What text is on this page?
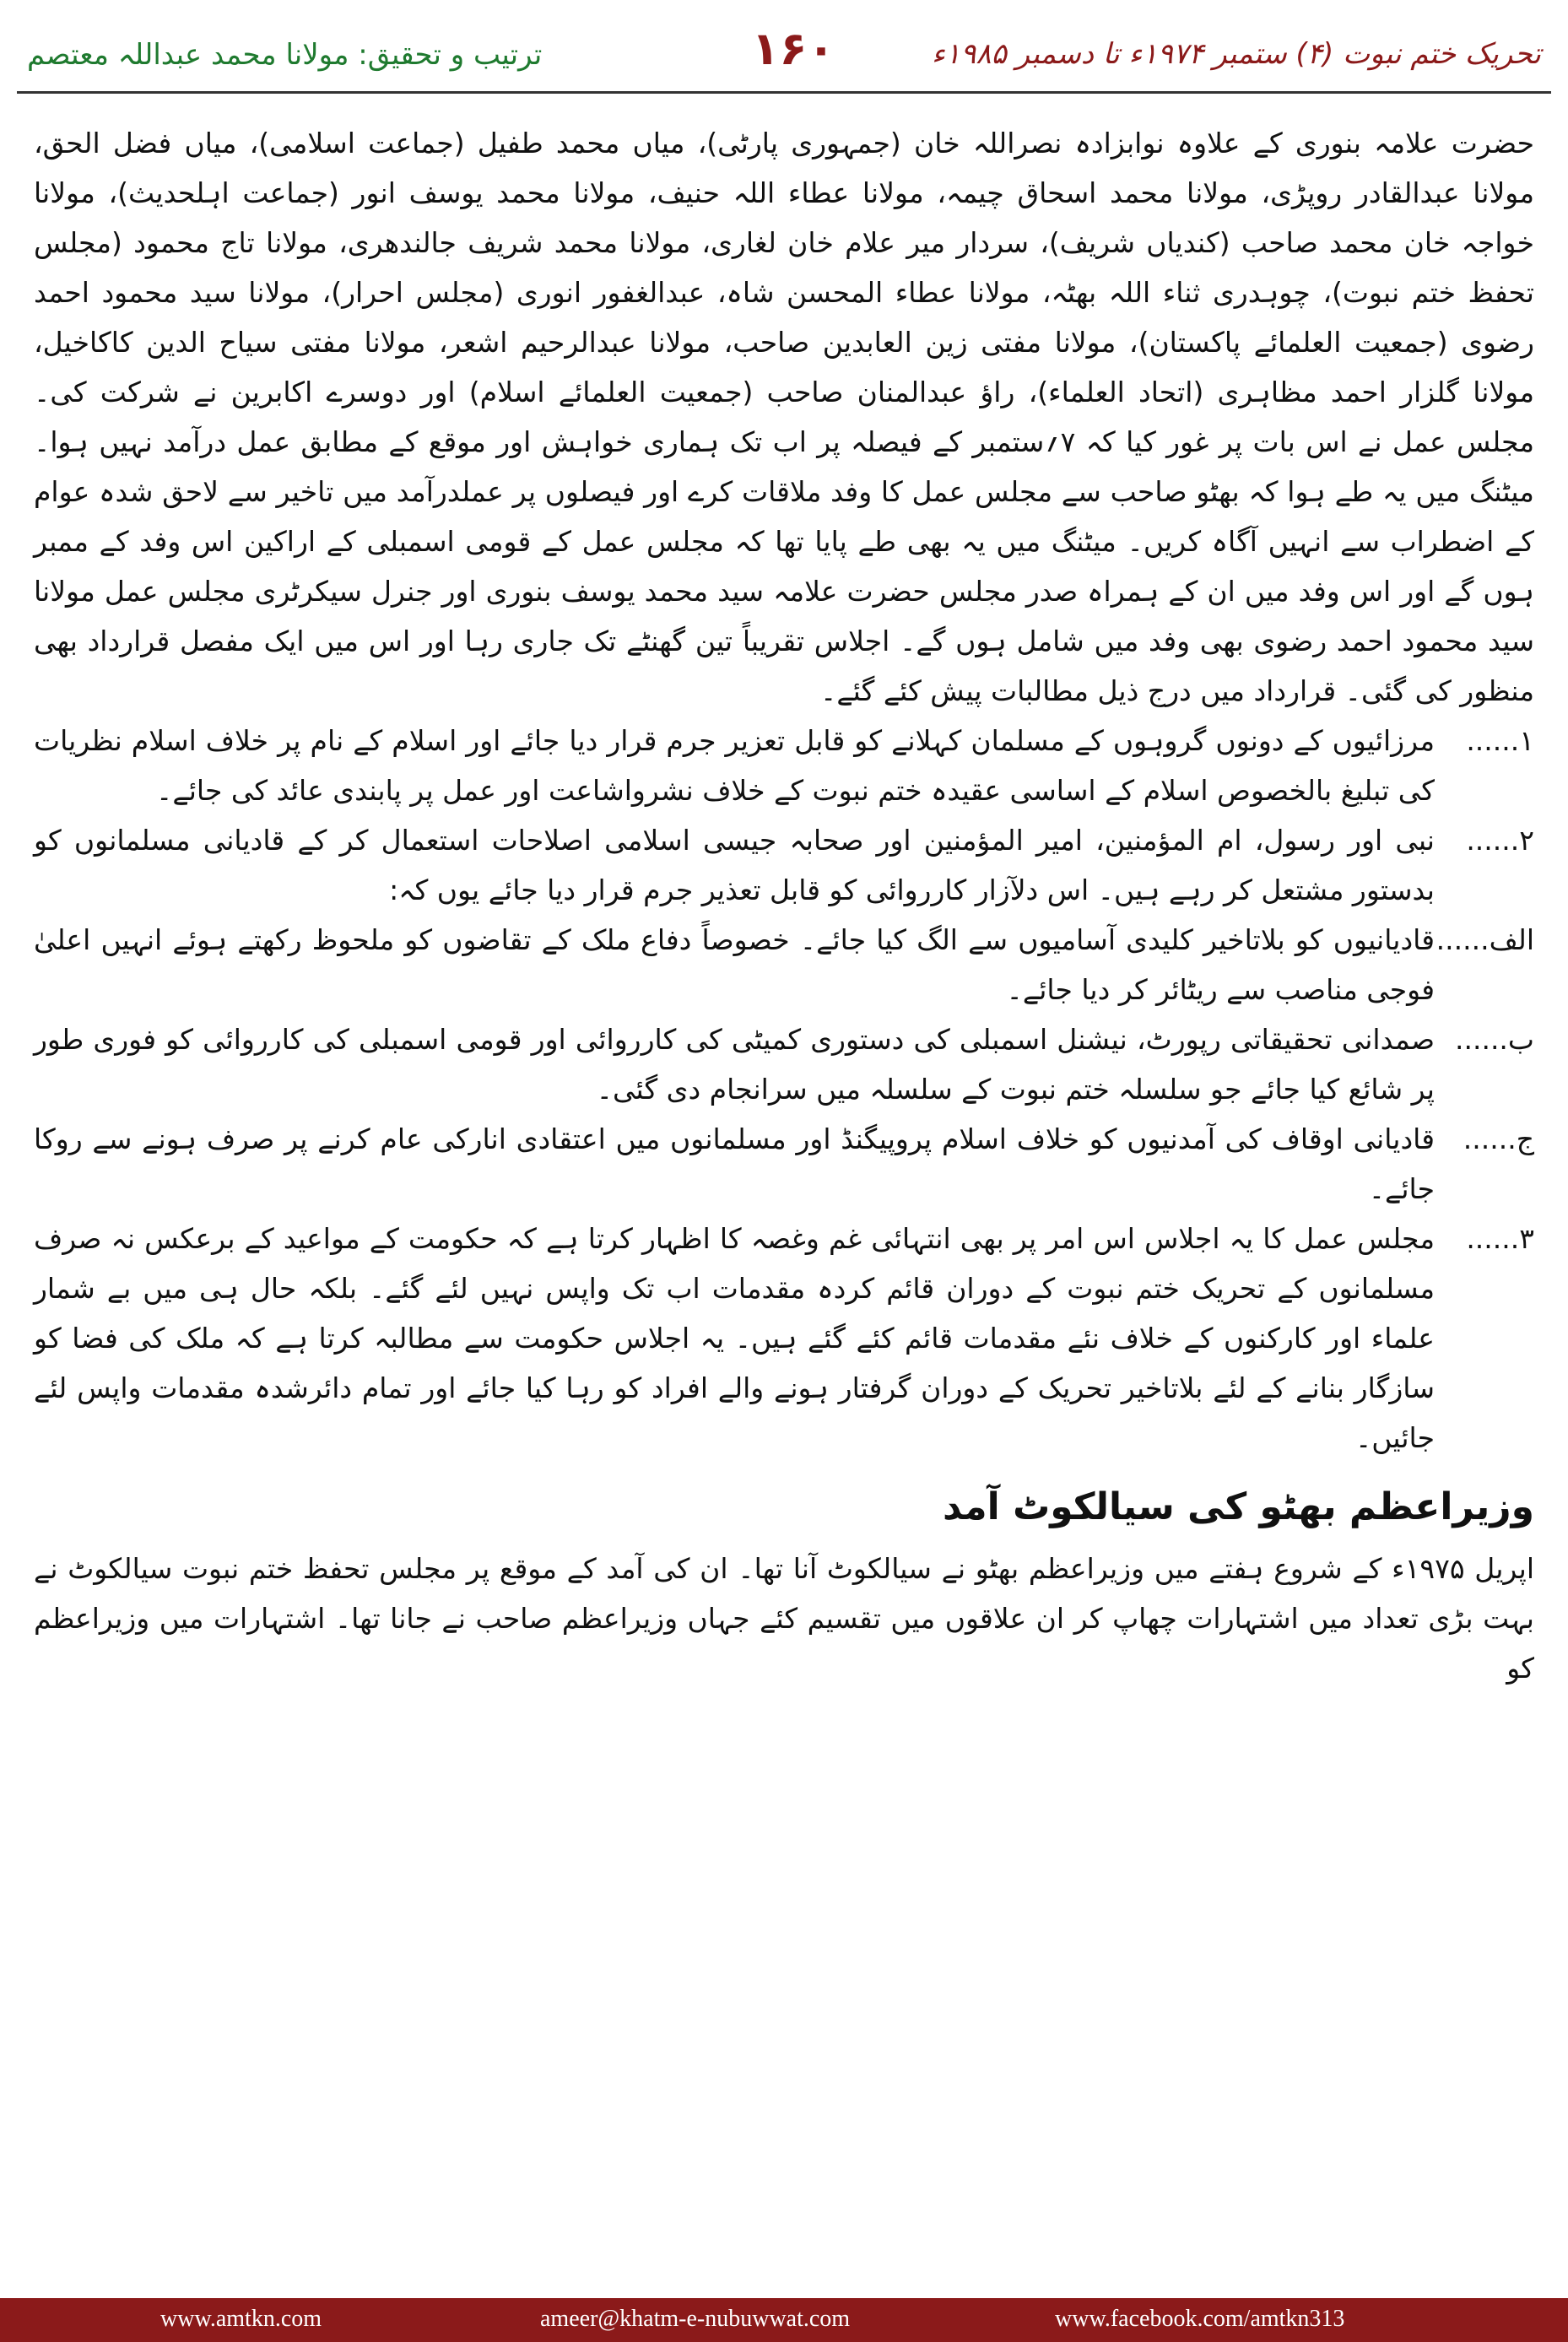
تحریک ختم نبوت (۴) ستمبر ۱۹۷۴ء تا دسمبر ۱۹۸۵ء
۱۶۰
ترتیب و تحقیق: مولانا محمد عبداللہ معتصم

حضرت علامہ بنوری کے علاوہ نوابزادہ نصراللہ خان (جمہوری پارٹی)، میاں محمد طفیل (جماعت اسلامی)، میاں فضل الحق، مولانا عبدالقادر روپڑی، مولانا محمد اسحاق چیمہ، مولانا عطاء اللہ حنیف، مولانا محمد یوسف انور (جماعت اہلحدیث)، مولانا خواجہ خان محمد صاحب (کندیاں شریف)، سردار میر علام خان لغاری، مولانا محمد شریف جالندھری، مولانا تاج محمود (مجلس تحفظ ختم نبوت)، چوہدری ثناء اللہ بھٹہ، مولانا عطاء المحسن شاہ، عبدالغفور انوری (مجلس احرار)، مولانا سید محمود احمد رضوی (جمعیت العلمائے پاکستان)، مولانا مفتی زین العابدین صاحب، مولانا عبدالرحیم اشعر، مولانا مفتی سیاح الدین کاکاخیل، مولانا گلزار احمد مظاہری (اتحاد العلماء)، راؤ عبدالمنان صاحب (جمعیت العلمائے اسلام) اور دوسرے اکابرین نے شرکت کی۔ مجلس عمل نے اس بات پر غور کیا کہ ۷؍ستمبر کے فیصلہ پر اب تک ہماری خواہش اور موقع کے مطابق عمل درآمد نہیں ہوا۔ میٹنگ میں یہ طے ہوا کہ بھٹو صاحب سے مجلس عمل کا وفد ملاقات کرے اور فیصلوں پر عملدرآمد میں تاخیر سے لاحق شدہ عوام کے اضطراب سے انہیں آگاہ کریں۔ میٹنگ میں یہ بھی طے پایا تھا کہ مجلس عمل کے قومی اسمبلی کے اراکین اس وفد کے ممبر ہوں گے اور اس وفد میں ان کے ہمراہ صدر مجلس حضرت علامہ سید محمد یوسف بنوری اور جنرل سیکرٹری مجلس عمل مولانا سید محمود احمد رضوی بھی وفد میں شامل ہوں گے۔ اجلاس تقریباً تین گھنٹے تک جاری رہا اور اس میں ایک مفصل قرارداد بھی منظور کی گئی۔ قرارداد میں درج ذیل مطالبات پیش کئے گئے۔

۱......
مرزائیوں کے دونوں گروہوں کے مسلمان کہلانے کو قابل تعزیر جرم قرار دیا جائے اور اسلام کے نام پر خلاف اسلام نظریات کی تبلیغ بالخصوص اسلام کے اساسی عقیدہ ختم نبوت کے خلاف نشرواشاعت اور عمل پر پابندی عائد کی جائے۔
۲......
نبی اور رسول، ام المؤمنین، امیر المؤمنین اور صحابہ جیسی اسلامی اصلاحات استعمال کر کے قادیانی مسلمانوں کو بدستور مشتعل کر رہے ہیں۔ اس دلآزار کارروائی کو قابل تعذیر جرم قرار دیا جائے یوں کہ:
الف......
قادیانیوں کو بلاتاخیر کلیدی آسامیوں سے الگ کیا جائے۔ خصوصاً دفاع ملک کے تقاضوں کو ملحوظ رکھتے ہوئے انہیں اعلیٰ فوجی مناصب سے ریٹائر کر دیا جائے۔
ب......
صمدانی تحقیقاتی رپورٹ، نیشنل اسمبلی کی دستوری کمیٹی کی کارروائی اور قومی اسمبلی کی کارروائی کو فوری طور پر شائع کیا جائے جو سلسلہ ختم نبوت کے سلسلہ میں سرانجام دی گئی۔
ج......
قادیانی اوقاف کی آمدنیوں کو خلاف اسلام پروپیگنڈ اور مسلمانوں میں اعتقادی انارکی عام کرنے پر صرف ہونے سے روکا جائے۔
۳......
مجلس عمل کا یہ اجلاس اس امر پر بھی انتہائی غم وغصہ کا اظہار کرتا ہے کہ حکومت کے مواعید کے برعکس نہ صرف مسلمانوں کے تحریک ختم نبوت کے دوران قائم کردہ مقدمات اب تک واپس نہیں لئے گئے۔ بلکہ حال ہی میں بے شمار علماء اور کارکنوں کے خلاف نئے مقدمات قائم کئے گئے ہیں۔ یہ اجلاس حکومت سے مطالبہ کرتا ہے کہ ملک کی فضا کو سازگار بنانے کے لئے بلاتاخیر تحریک کے دوران گرفتار ہونے والے افراد کو رہا کیا جائے اور تمام دائرشدہ مقدمات واپس لئے جائیں۔
وزیراعظم بھٹو کی سیالکوٹ آمد

اپریل ۱۹۷۵ء کے شروع ہفتے میں وزیراعظم بھٹو نے سیالکوٹ آنا تھا۔ ان کی آمد کے موقع پر مجلس تحفظ ختم نبوت سیالکوٹ نے بہت بڑی تعداد میں اشتہارات چھاپ کر ان علاقوں میں تقسیم کئے جہاں وزیراعظم صاحب نے جانا تھا۔ اشتہارات میں وزیراعظم کو

www.amtkn.com	ameer@khatm-e-nubuwwat.com	www.facebook.com/amtkn313
